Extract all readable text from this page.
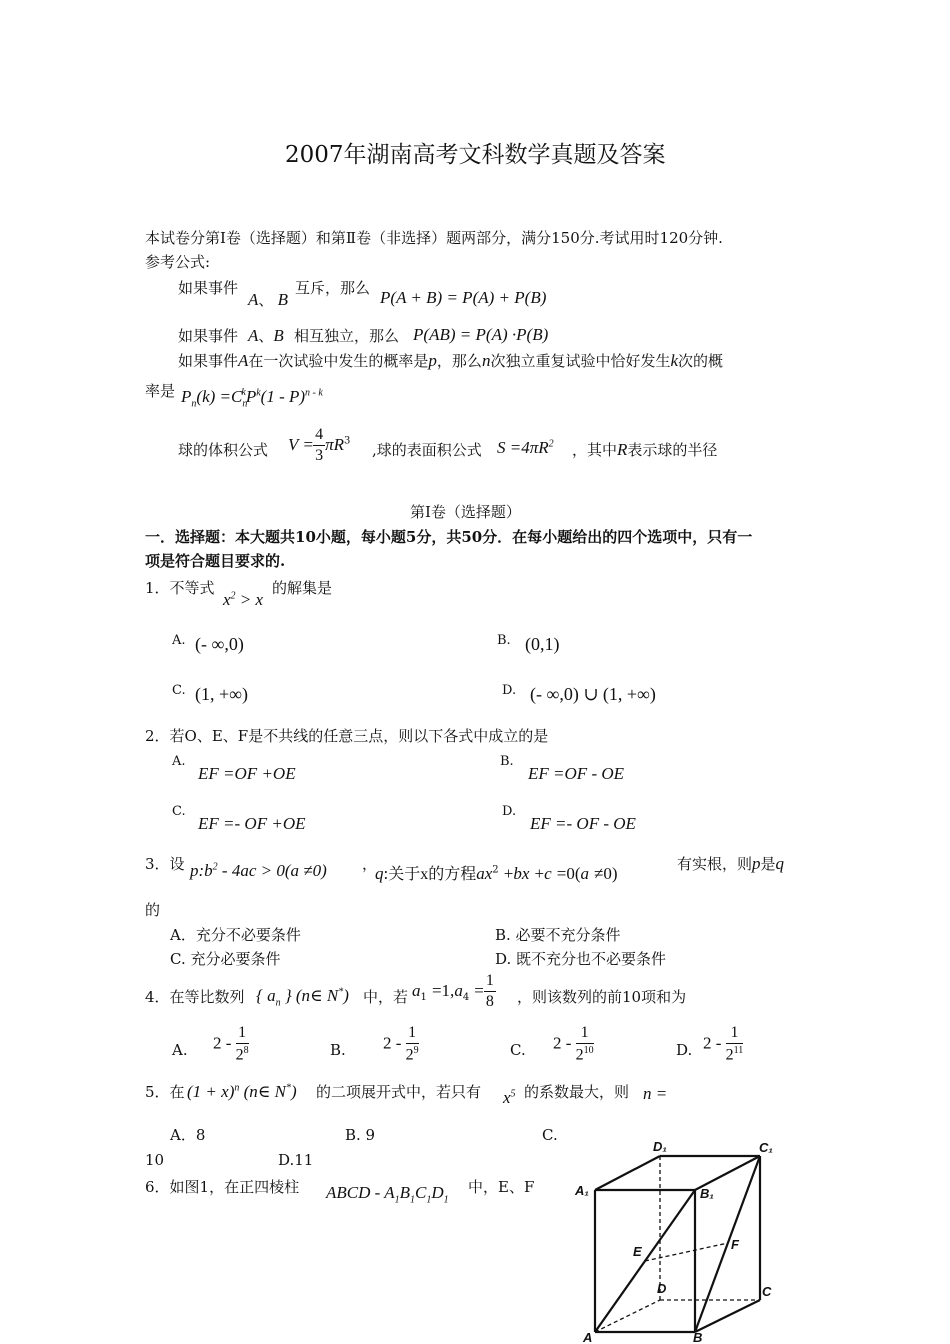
2007年湖南高考文科数学真题及答案
本试卷分第Ⅰ卷（选择题）和第Ⅱ卷（非选择）题两部分，满分150分.考试用时120分钟.
参考公式:
如果事件
A、 B
互斥，那么 P(A + B) = P(A) + P(B)
如果事件 A、B 相互独立，那么 P(AB) = P(A) ·P(B)
如果事件A在一次试验中发生的概率是p，那么n次独立重复试验中恰好发生k次的概
率是 $P_n(k) =C_n^kP^k(1 - P)^{n - k}$
球的体积公式 $V = \frac{4}{3} \pi R^3$ ,球的表面积公式 $S =4\pi R^2$ ，其中R表示球的半径
第Ⅰ卷（选择题）
一．选择题：本大题共10小题，每小题5分，共50分．在每小题给出的四个选项中，只有一
项是符合题目要求的.
1．不等式
$x^2 > x$
的解集是
A. (- ∞,0)	B. (0,1)
C. (1, +∞)	D. (- ∞,0) ∪ (1, +∞)
2．若O、E、F是不共线的任意三点，则以下各式中成立的是
A.
EF =OF +OE
B.
EF =OF - OE
C.
EF =- OF +OE
D.
EF =- OF - OE
3．设 $p:b^2 - 4ac > 0(a \ne 0)$ ，
q:关于x的方程$ax^2 +bx +c =0(a \ne 0)$	有实根，则p是q
的
A．充分不必要条件	B. 必要不充分条件
C. 充分必要条件	D. 既不充分也不必要条件
4．在等比数列 { $a_n$ } (n∈ N*) 中，若 $a_1 =1,a_4 = \frac{1}{8}$ ，则该数列的前10项和为
A. $2 - \frac{1}{2^8}$	B. $2 - \frac{1}{2^9}$	C. $2 - \frac{1}{2^{10}}$	D. $2 - \frac{1}{2^{11}}$
5．在 $(1 + x)^n$ (n∈ N*) 的二项展开式中，若只有 $x^5$ 的系数最大，则 n =
A．8	B. 9	C.
10	D.11
6．如图1，在正四棱柱 ABCD - $A_1B_1C_1D_1$
中，E、F
D₁	C₁
A₁	B₁
E	F
D	C
A	B
